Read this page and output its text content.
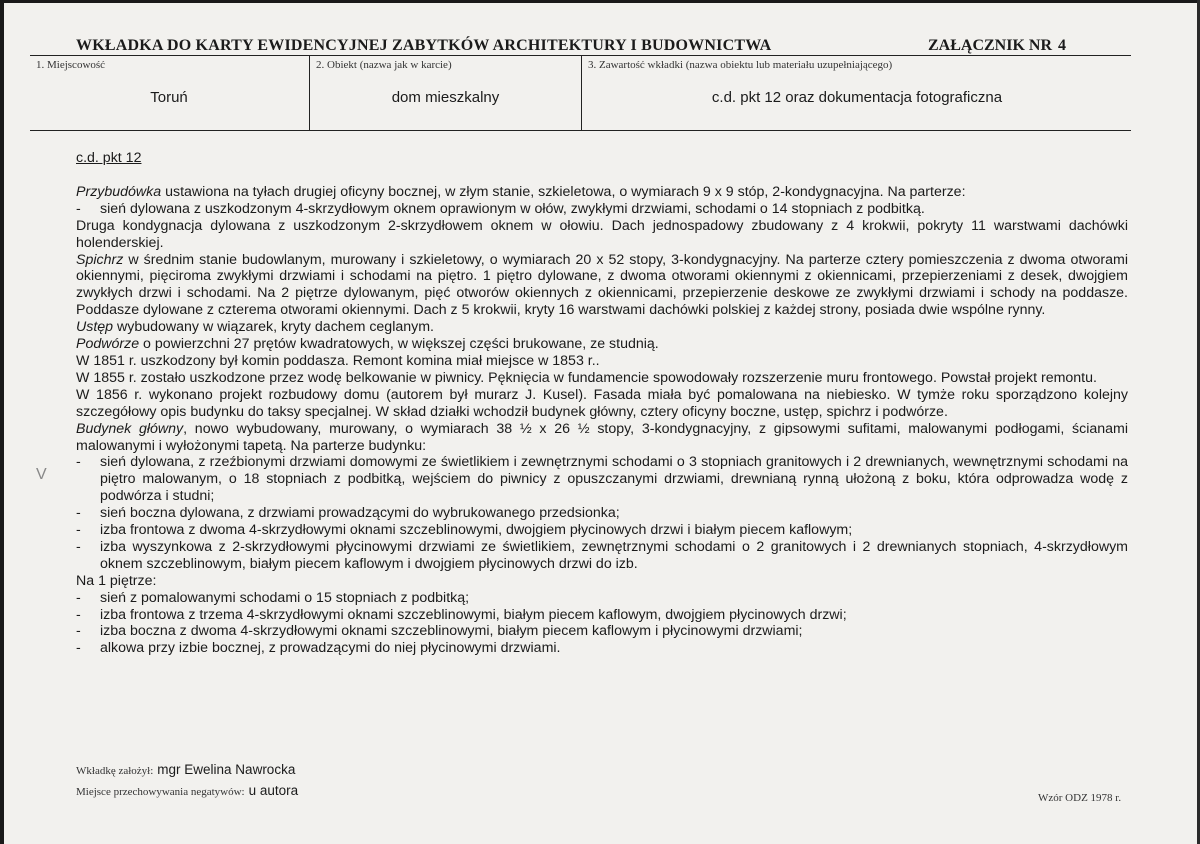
WKŁADKA DO KARTY EWIDENCYJNEJ ZABYTKÓW ARCHITEKTURY I BUDOWNICTWA	ZAŁĄCZNIK NR 4
1. Miejscowość
Toruń
2. Obiekt (nazwa jak w karcie)
dom mieszkalny
3. Zawartość wkładki (nazwa obiektu lub materiału uzupełniającego)
c.d. pkt 12 oraz dokumentacja fotograficzna
V

c.d. pkt 12

Przybudówka ustawiona na tyłach drugiej oficyny bocznej, w złym stanie, szkieletowa, o wymiarach 9 x 9 stóp, 2-kondygnacyjna. Na parterze:

- sień dylowana z uszkodzonym 4-skrzydłowym oknem oprawionym w ołów, zwykłymi drzwiami, schodami o 14 stopniach z podbitką.

Druga kondygnacja dylowana z uszkodzonym 2-skrzydłowem oknem w ołowiu. Dach jednospadowy zbudowany z 4 krokwii, pokryty 11 warstwami dachówki holenderskiej.

Spichrz w średnim stanie budowlanym, murowany i szkieletowy, o wymiarach 20 x 52 stopy, 3-kondygnacyjny. Na parterze cztery pomieszczenia z dwoma otworami okiennymi, pięciroma zwykłymi drzwiami i schodami na piętro. 1 piętro dylowane, z dwoma otworami okiennymi z okiennicami, przepierzeniami z desek, dwojgiem zwykłych drzwi i schodami. Na 2 piętrze dylowanym, pięć otworów okiennych z okiennicami, przepierzenie deskowe ze zwykłymi drzwiami i schody na poddasze. Poddasze dylowane z czterema otworami okiennymi. Dach z 5 krokwii, kryty 16 warstwami dachówki polskiej z każdej strony, posiada dwie wspólne rynny.

Ustęp wybudowany w wiązarek, kryty dachem ceglanym.

Podwórze o powierzchni 27 prętów kwadratowych, w większej części brukowane, ze studnią.

W 1851 r. uszkodzony był komin poddasza. Remont komina miał miejsce w 1853 r..

W 1855 r. zostało uszkodzone przez wodę belkowanie w piwnicy. Pęknięcia w fundamencie spowodowały rozszerzenie muru frontowego. Powstał projekt remontu.

W 1856 r. wykonano projekt rozbudowy domu (autorem był murarz J. Kusel). Fasada miała być pomalowana na niebiesko. W tymże roku sporządzono kolejny szczegółowy opis budynku do taksy specjalnej. W skład działki wchodził budynek główny, cztery oficyny boczne, ustęp, spichrz i podwórze.

Budynek główny, nowo wybudowany, murowany, o wymiarach 38 ½ x 26 ½ stopy, 3-kondygnacyjny, z gipsowymi sufitami, malowanymi podłogami, ścianami malowanymi i wyłożonymi tapetą. Na parterze budynku:

- sień dylowana, z rzeźbionymi drzwiami domowymi ze świetlikiem i zewnętrznymi schodami o 3 stopniach granitowych i 2 drewnianych, wewnętrznymi schodami na piętro malowanym, o 18 stopniach z podbitką, wejściem do piwnicy z opuszczanymi drzwiami, drewnianą rynną ułożoną z boku, która odprowadza wodę z podwórza i studni;

- sień boczna dylowana, z drzwiami prowadzącymi do wybrukowanego przedsionka;

- izba frontowa z dwoma 4-skrzydłowymi oknami szczeblinowymi, dwojgiem płycinowych drzwi i białym piecem kaflowym;

- izba wyszynkowa z 2-skrzydłowymi płycinowymi drzwiami ze świetlikiem, zewnętrznymi schodami o 2 granitowych i 2 drewnianych stopniach, 4-skrzydłowym oknem szczeblinowym, białym piecem kaflowym i dwojgiem płycinowych drzwi do izb.

Na 1 piętrze:

- sień z pomalowanymi schodami o 15 stopniach z podbitką;

- izba frontowa z trzema 4-skrzydłowymi oknami szczeblinowymi, białym piecem kaflowym, dwojgiem płycinowych drzwi;

- izba boczna z dwoma 4-skrzydłowymi oknami szczeblinowymi, białym piecem kaflowym i płycinowymi drzwiami;

- alkowa przy izbie bocznej, z prowadzącymi do niej płycinowymi drzwiami.

Wkładkę założył: mgr Ewelina Nawrocka
Miejsce przechowywania negatywów: u autora	Wzór ODZ 1978 r.
